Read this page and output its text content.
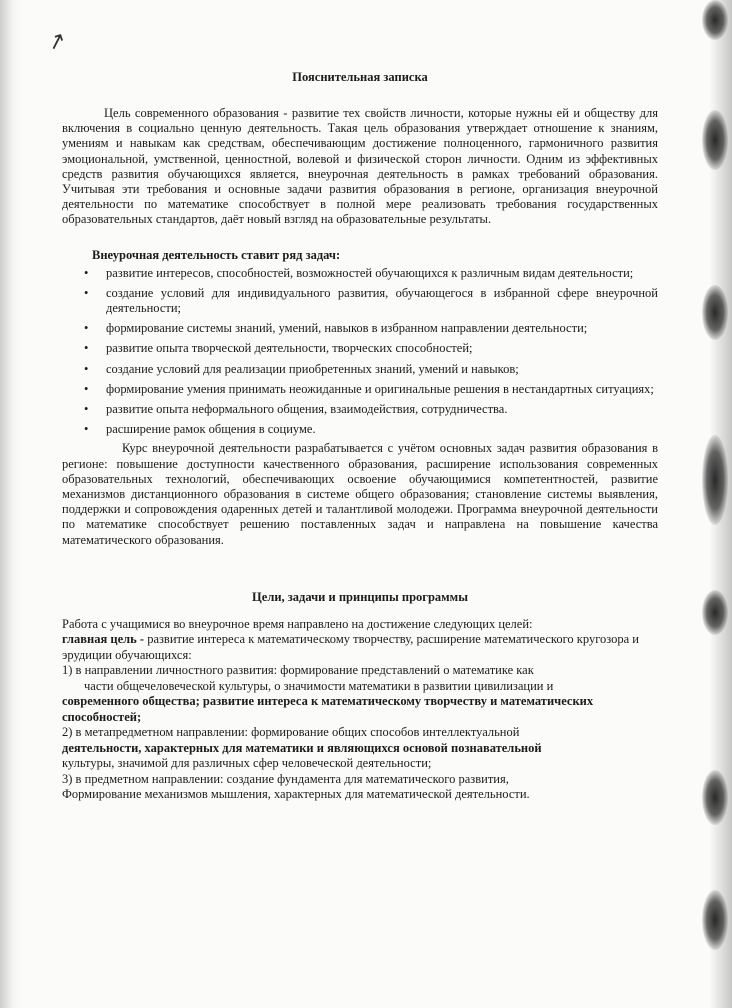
↗

Пояснительная записка

Цель современного образования - развитие тех свойств личности, которые нужны ей и обществу для включения в социально ценную деятельность. Такая цель образования утверждает отношение к знаниям, умениям и навыкам как средствам, обеспечивающим достижение полноценного, гармоничного развития эмоциональной, умственной, ценностной, волевой и физической сторон личности. Одним из эффективных средств развития обучающихся является, внеурочная деятельность в рамках требований образования. Учитывая эти требования и основные задачи развития образования в регионе, организация внеурочной деятельности по математике способствует в полной мере реализовать требования государственных образовательных стандартов, даёт новый взгляд на образовательные результаты.

Внеурочная деятельность ставит ряд задач:

• развитие интересов, способностей, возможностей обучающихся к различным видам деятельности;
• создание условий для индивидуального развития, обучающегося в избранной сфере внеурочной деятельности;
• формирование системы знаний, умений, навыков в избранном направлении деятельности;
• развитие опыта творческой деятельности, творческих способностей;
• создание условий для реализации приобретенных знаний, умений и навыков;
• формирование умения принимать неожиданные и оригинальные решения в нестандартных ситуациях;
• развитие опыта неформального общения, взаимодействия, сотрудничества.
• расширение рамок общения в социуме.

Курс внеурочной деятельности разрабатывается с учётом основных задач развития образования в регионе: повышение доступности качественного образования, расширение использования современных образовательных технологий, обеспечивающих освоение обучающимися компетентностей, развитие механизмов дистанционного образования в системе общего образования; становление системы выявления, поддержки и сопровождения одаренных детей и талантливой молодежи. Программа внеурочной деятельности по математике способствует решению поставленных задач и направлена на повышение качества математического образования.

Цели, задачи и принципы программы

Работа с учащимися во внеурочное время направлено на достижение следующих целей:

главная цель - развитие интереса к математическому творчеству, расширение математического кругозора и эрудиции обучающихся:

1) в направлении личностного развития: формирование представлений о математике как

части общечеловеческой культуры, о значимости математики в развитии цивилизации и

современного общества; развитие интереса к математическому творчеству и математических способностей;

2) в метапредметном направлении: формирование общих способов интеллектуальной

деятельности, характерных для математики и являющихся основой познавательной

культуры, значимой для различных сфер человеческой деятельности;

3) в предметном направлении: создание фундамента для математического развития,

Формирование механизмов мышления, характерных для математической деятельности.
